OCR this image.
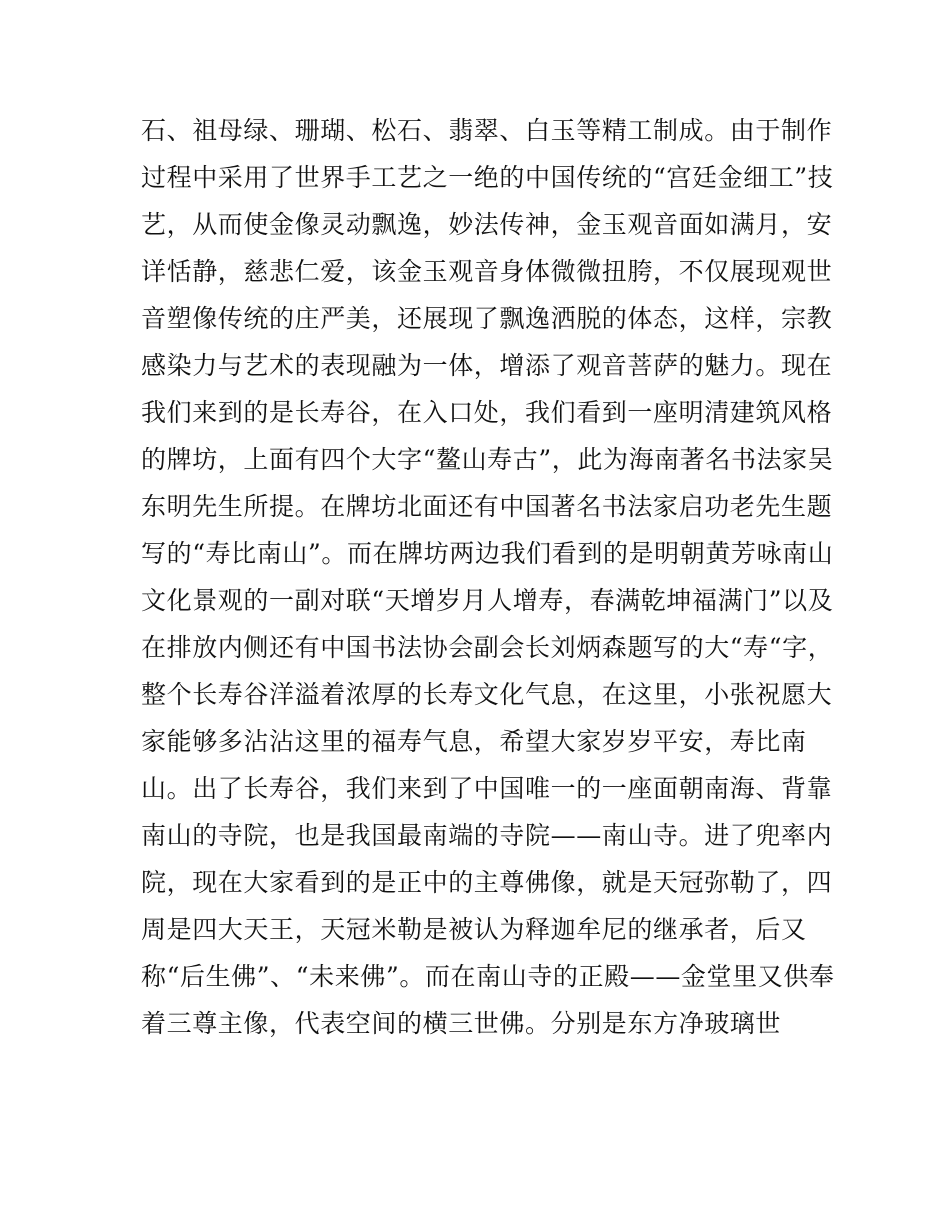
石、祖母绿、珊瑚、松石、翡翠、白玉等精工制成。由于制作
过程中采用了世界手工艺之一绝的中国传统的“宫廷金细工”技
艺，从而使金像灵动飘逸，妙法传神，金玉观音面如满月，安
详恬静，慈悲仁爱，该金玉观音身体微微扭胯，不仅展现观世
音塑像传统的庄严美，还展现了飘逸洒脱的体态，这样，宗教
感染力与艺术的表现融为一体，增添了观音菩萨的魅力。现在
我们来到的是长寿谷，在入口处，我们看到一座明清建筑风格
的牌坊，上面有四个大字“鳌山寿古”，此为海南著名书法家吴
东明先生所提。在牌坊北面还有中国著名书法家启功老先生题
写的“寿比南山”。而在牌坊两边我们看到的是明朝黄芳咏南山
文化景观的一副对联“天增岁月人增寿，春满乾坤福满门”以及
在排放内侧还有中国书法协会副会长刘炳森题写的大“寿“字，
整个长寿谷洋溢着浓厚的长寿文化气息，在这里，小张祝愿大
家能够多沾沾这里的福寿气息，希望大家岁岁平安，寿比南
山。出了长寿谷，我们来到了中国唯一的一座面朝南海、背靠
南山的寺院，也是我国最南端的寺院——南山寺。进了兜率内
院，现在大家看到的是正中的主尊佛像，就是天冠弥勒了，四
周是四大天王，天冠米勒是被认为释迦牟尼的继承者，后又
称“后生佛”、“未来佛”。而在南山寺的正殿——金堂里又供奉
着三尊主像，代表空间的横三世佛。分别是东方净玻璃世
